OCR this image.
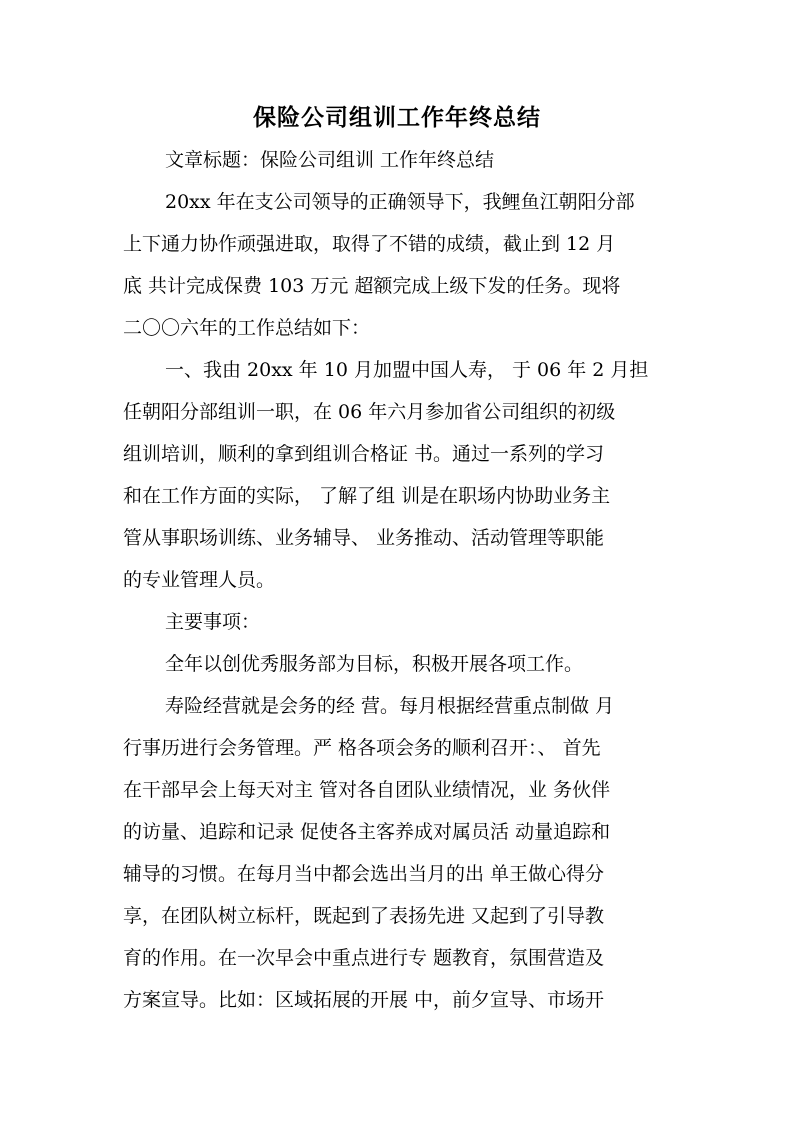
保险公司组训工作年终总结
文章标题：保险公司组训 工作年终总结
20xx 年在支公司领导的正确领导下，我鲤鱼江朝阳分部
上下通力协作顽强进取，取得了不错的成绩，截止到 12 月
底 共计完成保费 103 万元 超额完成上级下发的任务。现将
二〇〇六年的工作总结如下：
一、我由 20xx 年 10 月加盟中国人寿， 于 06 年 2 月担
任朝阳分部组训一职，在 06 年六月参加省公司组织的初级
组训培训，顺利的拿到组训合格证 书。通过一系列的学习
和在工作方面的实际， 了解了组 训是在职场内协助业务主
管从事职场训练、业务辅导、 业务推动、活动管理等职能
的专业管理人员。
主要事项：
全年以创优秀服务部为目标，积极开展各项工作。
寿险经营就是会务的经 营。每月根据经营重点制做 月
行事历进行会务管理。严 格各项会务的顺利召开：、 首先
在干部早会上每天对主 管对各自团队业绩情况，业 务伙伴
的访量、追踪和记录 促使各主客养成对属员活 动量追踪和
辅导的习惯。在每月当中都会选出当月的出 单王做心得分
享，在团队树立标杆，既起到了表扬先进 又起到了引导教
育的作用。在一次早会中重点进行专 题教育，氛围营造及
方案宣导。比如：区域拓展的开展 中，前夕宣导、市场开
